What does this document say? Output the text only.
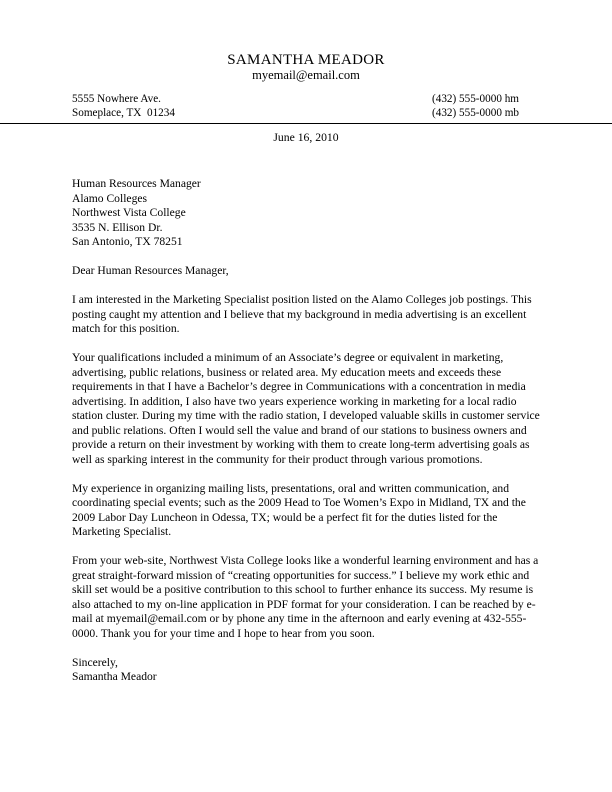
SAMANTHA MEADOR
myemail@email.com
5555 Nowhere Ave.
Someplace, TX  01234
(432) 555-0000 hm
(432) 555-0000 mb
June 16, 2010
Human Resources Manager
Alamo Colleges
Northwest Vista College
3535 N. Ellison Dr.
San Antonio, TX 78251

Dear Human Resources Manager,

I am interested in the Marketing Specialist position listed on the Alamo Colleges job postings. This posting caught my attention and I believe that my background in media advertising is an excellent match for this position.

Your qualifications included a minimum of an Associate’s degree or equivalent in marketing, advertising, public relations, business or related area. My education meets and exceeds these requirements in that I have a Bachelor’s degree in Communications with a concentration in media advertising. In addition, I also have two years experience working in marketing for a local radio station cluster. During my time with the radio station, I developed valuable skills in customer service and public relations. Often I would sell the value and brand of our stations to business owners and provide a return on their investment by working with them to create long-term advertising goals as well as sparking interest in the community for their product through various promotions.

My experience in organizing mailing lists, presentations, oral and written communication, and coordinating special events; such as the 2009 Head to Toe Women’s Expo in Midland, TX and the 2009 Labor Day Luncheon in Odessa, TX; would be a perfect fit for the duties listed for the Marketing Specialist.

From your web-site, Northwest Vista College looks like a wonderful learning environment and has a great straight-forward mission of “creating opportunities for success.” I believe my work ethic and skill set would be a positive contribution to this school to further enhance its success. My resume is also attached to my on-line application in PDF format for your consideration. I can be reached by e-mail at myemail@email.com or by phone any time in the afternoon and early evening at 432-555-0000. Thank you for your time and I hope to hear from you soon.

Sincerely,
Samantha Meador
